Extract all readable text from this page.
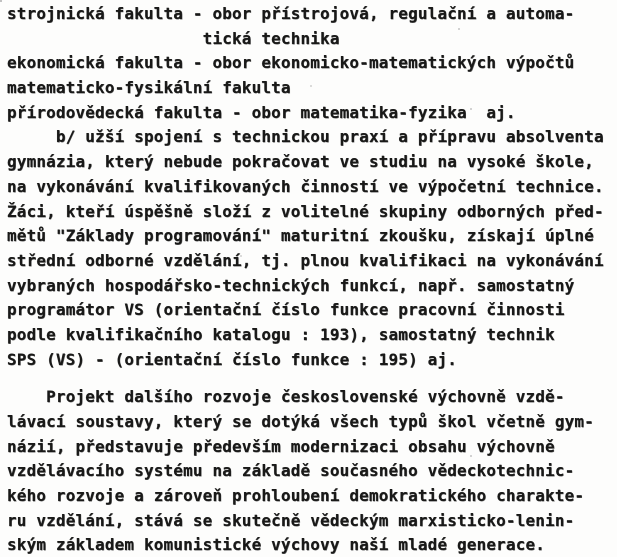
strojnická fakulta - obor přístrojová, regulační a automa-
tická technika
ekonomická fakulta - obor ekonomicko-matematických výpočtů
matematicko-fysikální fakulta
přírodovědecká fakulta - obor matematika-fyzika  aj.
b/ užší spojení s technickou praxí a přípravu absolventa
gymnázia, který nebude pokračovat ve studiu na vysoké škole,
na vykonávání kvalifikovaných činností ve výpočetní technice.
Žáci, kteří úspěšně složí z volitelné skupiny odborných před-
mětů "Základy programování" maturitní zkoušku, získají úplné
střední odborné vzdělání, tj. plnou kvalifikaci na vykonávání
vybraných hospodářsko-technických funkcí, např. samostatný
programátor VS (orientační číslo funkce pracovní činnosti
podle kvalifikačního katalogu : 193), samostatný technik
SPS (VS) - (orientační číslo funkce : 195) aj.
Projekt dalšího rozvoje československé výchovně vzdě-
lávací soustavy, který se dotýká všech typů škol včetně gym-
názií, představuje především modernizaci obsahu výchovně
vzdělávacího systému na základě současného vědeckotechnic-
kého rozvoje a zároveň prohloubení demokratického charakte-
ru vzdělání, stává se skutečně vědeckým marxisticko-lenin-
ským základem komunistické výchovy naší mladé generace.
